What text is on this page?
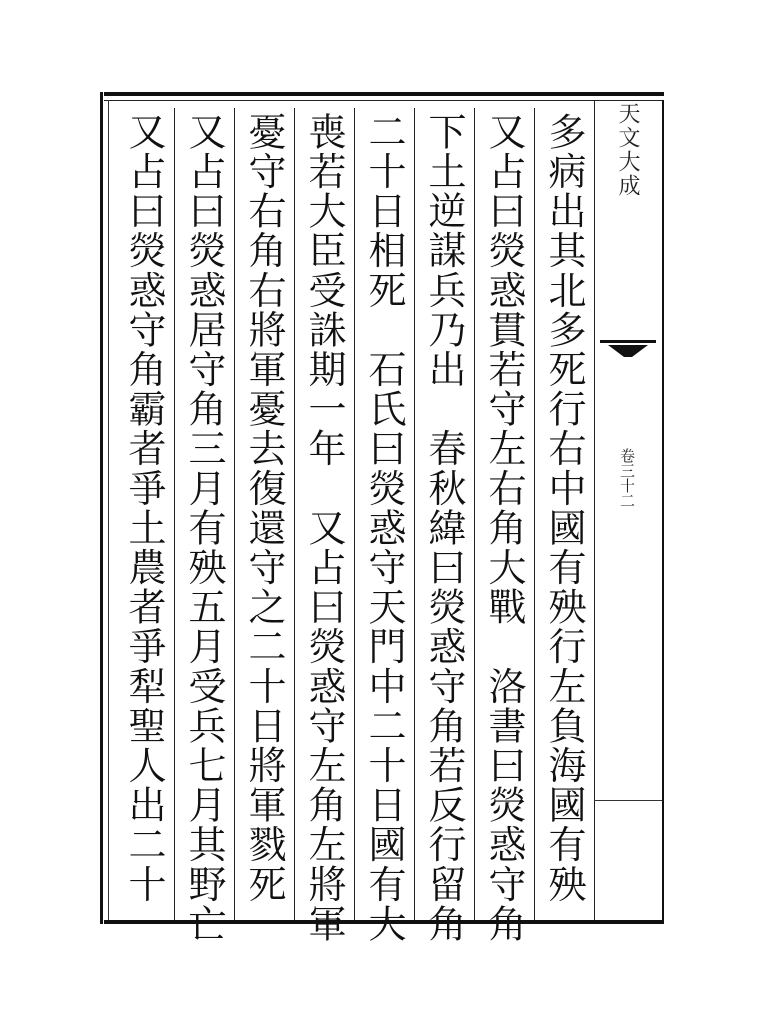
多病出其北多死行右中國有殃行左負海國有殃
又占曰熒惑貫若守左右角大戰　洛書曰熒惑守角
下土逆謀兵乃出　春秋緯曰熒惑守角若反行留角
二十日相死　石氏曰熒惑守天門中二十日國有大
喪若大臣受誅期一年　又占曰熒惑守左角左將軍
憂守右角右將軍憂去復還守之二十日將軍戮死
又占曰熒惑居守角三月有殃五月受兵七月其野亡
又占曰熒惑守角霸者爭土農者爭犁聖人出二十	天文大成
卷三十二
